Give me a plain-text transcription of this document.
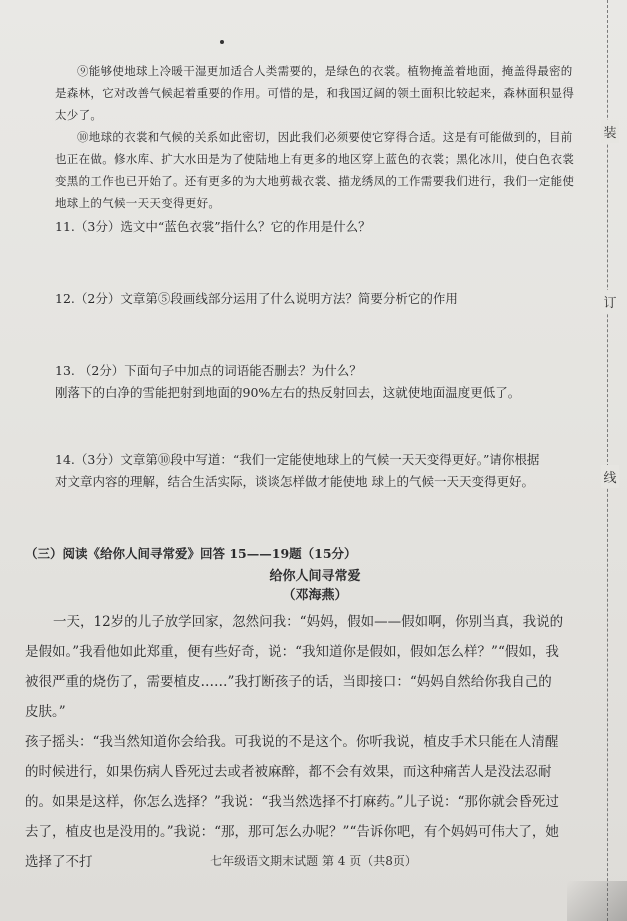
装
订
线

⑨能够使地球上冷暖干湿更加适合人类需要的，是绿色的衣裳。植物掩盖着地面，掩盖得最密的是森林，它对改善气候起着重要的作用。可惜的是，和我国辽阔的领土面积比较起来，森林面积显得太少了。

⑩地球的衣裳和气候的关系如此密切，因此我们必须要使它穿得合适。这是有可能做到的，目前也正在做。修水库、扩大水田是为了使陆地上有更多的地区穿上蓝色的衣裳；黑化冰川，使白色衣裳变黑的工作也已开始了。还有更多的为大地剪裁衣裳、描龙绣凤的工作需要我们进行，我们一定能使地球上的气候一天天变得更好。

11.（3分）选文中“蓝色衣裳”指什么？它的作用是什么？

12.（2分）文章第⑤段画线部分运用了什么说明方法？简要分析它的作用

13. （2分）下面句子中加点的词语能否删去？为什么？

刚落下的白净的雪能把射到地面的90%左右的热反射回去，这就使地面温度更低了。

14.（3分）文章第⑩段中写道：“我们一定能使地球上的气候一天天变得更好。”请你根据对文章内容的理解，结合生活实际，谈谈怎样做才能使地 球上的气候一天天变得更好。

（三）阅读《给你人间寻常爱》回答 15——19题（15分）
给你人间寻常爱
（邓海燕）

一天，12岁的儿子放学回家，忽然问我：“妈妈，假如——假如啊，你别当真，我说的是假如。”我看他如此郑重，便有些好奇，说：“我知道你是假如，假如怎么样？”“假如，我被很严重的烧伤了，需要植皮……”我打断孩子的话，当即接口：“妈妈自然给你我自己的皮肤。”

孩子摇头：“我当然知道你会给我。可我说的不是这个。你听我说，植皮手术只能在人清醒的时候进行，如果伤病人昏死过去或者被麻醉，都不会有效果，而这种痛苦人是没法忍耐的。如果是这样，你怎么选择？”我说：“我当然选择不打麻药。”儿子说：“那你就会昏死过去了，植皮也是没用的。”我说：“那，那可怎么办呢？”“告诉你吧，有个妈妈可伟大了，她选择了不打	七年级语文期末试题 第 4 页（共8页）
